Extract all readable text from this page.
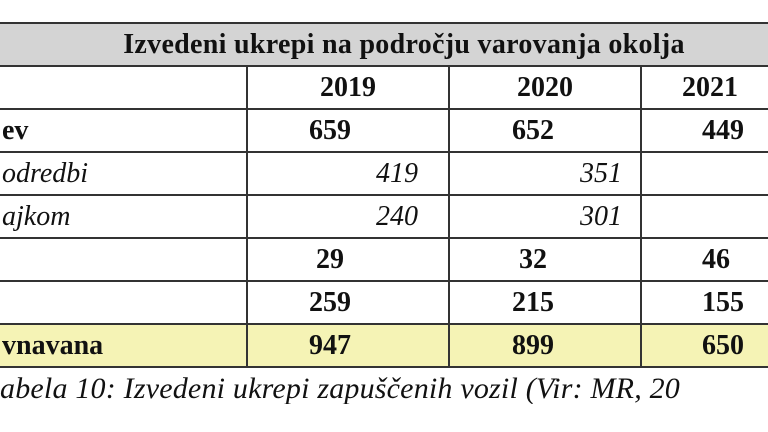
Izvedeni ukrepi na področju varovanja okolja			
	2019	2020	2021
ev	659	652	449
odredbi	419	351	
ajkom	240	301	
	29	32	46
	259	215	155
vnavana	947	899	650
abela 10: Izvedeni ukrepi zapuščenih vozil (Vir: MR, 20
